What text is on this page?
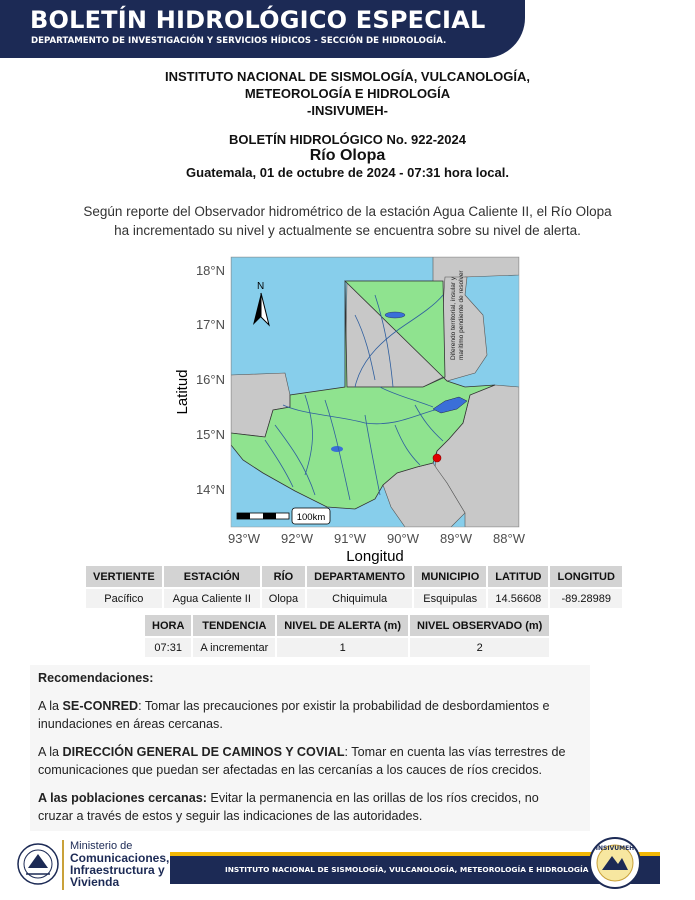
BOLETÍN HIDROLÓGICO ESPECIAL
DEPARTAMENTO DE INVESTIGACIÓN Y SERVICIOS HÍDICOS - SECCIÓN DE HIDROLOGÍA.
INSTITUTO NACIONAL DE SISMOLOGÍA, VULCANOLOGÍA,
METEOROLOGÍA E HIDROLOGÍA
-INSIVUMEH-
BOLETÍN HIDROLÓGICO No. 922-2024
Río Olopa
Guatemala, 01 de octubre de 2024 - 07:31 hora local.
Según reporte del Observador hidrométrico de la estación Agua Caliente II, el Río Olopa
ha incrementado su nivel y actualmente se encuentra sobre su nivel de alerta.
Diferendo territorial, insular y marítimo pendiente de resolver
N
100km
18°N
17°N
16°N
15°N
14°N
93°W 92°W 91°W 90°W 89°W 88°W
Longitud
Latitud
VERTIENTE	ESTACIÓN	RÍO	DEPARTAMENTO	MUNICIPIO	LATITUD	LONGITUD
Pacífico	Agua Caliente II	Olopa	Chiquimula	Esquipulas	14.56608	-89.28989
HORA	TENDENCIA	NIVEL DE ALERTA (m)	NIVEL OBSERVADO (m)
07:31	A incrementar	1	2

Recomendaciones:

A la SE-CONRED: Tomar las precauciones por existir la probabilidad de desbordamientos e
inundaciones en áreas cercanas.

A la DIRECCIÓN GENERAL DE CAMINOS Y COVIAL: Tomar en cuenta las vías terrestres de
comunicaciones que puedan ser afectadas en las cercanías a los cauces de ríos crecidos.

A las poblaciones cercanas: Evitar la permanencia en las orillas de los ríos crecidos, no
cruzar a través de estos y seguir las indicaciones de las autoridades.

Ministerio de
Comunicaciones,
Infraestructura y
Vivienda
INSTITUTO NACIONAL DE SISMOLOGÍA, VULCANOLOGÍA, METEOROLOGÍA E HIDROLOGÍA
INSIVUMEH
